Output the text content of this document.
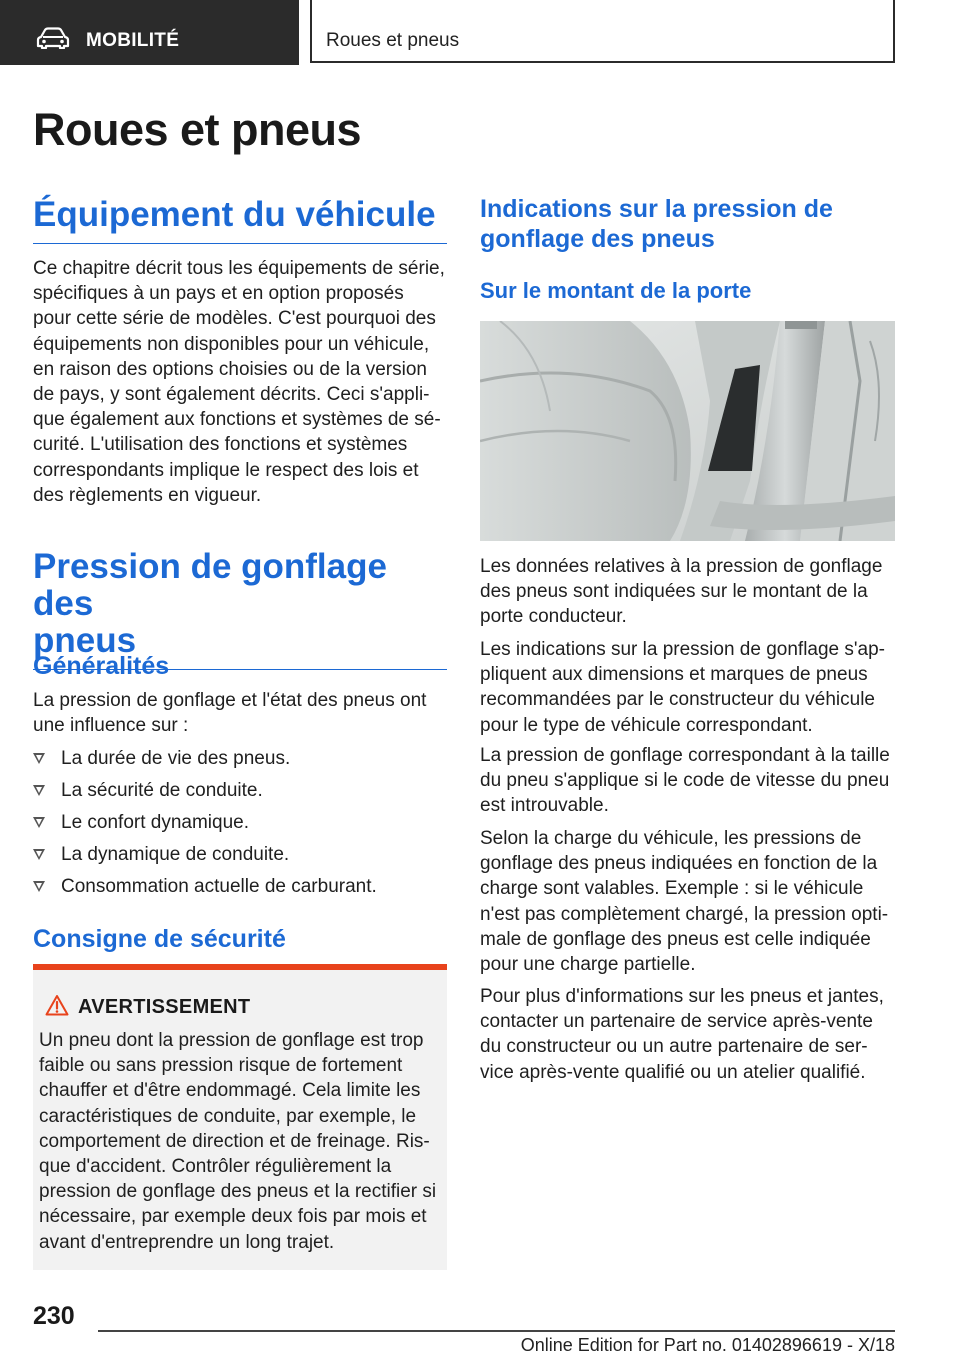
MOBILITÉ	Roues et pneus
Roues et pneus
Équipement du véhicule
Ce chapitre décrit tous les équipements de série,
spécifiques à un pays et en option proposés
pour cette série de modèles. C'est pourquoi des
équipements non disponibles pour un véhicule,
en raison des options choisies ou de la version
de pays, y sont également décrits. Ceci s'appli‐
que également aux fonctions et systèmes de sé‐
curité. L'utilisation des fonctions et systèmes
correspondants implique le respect des lois et
des règlements en vigueur.
Pression de gonflage des
pneus
Généralités
La pression de gonflage et l'état des pneus ont
une influence sur :
La durée de vie des pneus.
La sécurité de conduite.
Le confort dynamique.
La dynamique de conduite.
Consommation actuelle de carburant.
Consigne de sécurité
AVERTISSEMENT
Un pneu dont la pression de gonflage est trop
faible ou sans pression risque de fortement
chauffer et d'être endommagé. Cela limite les
caractéristiques de conduite, par exemple, le
comportement de direction et de freinage. Ris‐
que d'accident. Contrôler régulièrement la
pression de gonflage des pneus et la rectifier si
nécessaire, par exemple deux fois par mois et
avant d'entreprendre un long trajet.
Indications sur la pression de
gonflage des pneus
Sur le montant de la porte
Les données relatives à la pression de gonflage
des pneus sont indiquées sur le montant de la
porte conducteur.
Les indications sur la pression de gonflage s'ap‐
pliquent aux dimensions et marques de pneus
recommandées par le constructeur du véhicule
pour le type de véhicule correspondant.
La pression de gonflage correspondant à la taille
du pneu s'applique si le code de vitesse du pneu
est introuvable.
Selon la charge du véhicule, les pressions de
gonflage des pneus indiquées en fonction de la
charge sont valables. Exemple : si le véhicule
n'est pas complètement chargé, la pression opti‐
male de gonflage des pneus est celle indiquée
pour une charge partielle.
Pour plus d'informations sur les pneus et jantes,
contacter un partenaire de service après-vente
du constructeur ou un autre partenaire de ser‐
vice après-vente qualifié ou un atelier qualifié.
230
Online Edition for Part no. 01402896619 - X/18
